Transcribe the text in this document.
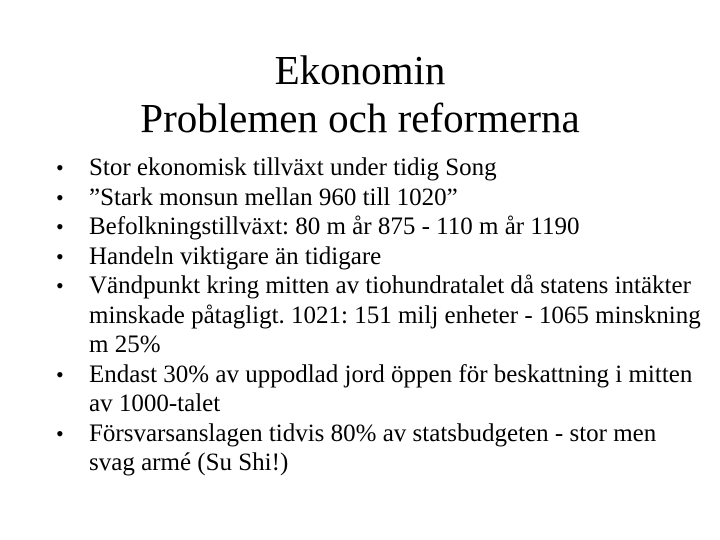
Ekonomin
Problemen och reformerna
•	Stor ekonomisk tillväxt under tidig Song
•	”Stark monsun mellan 960 till 1020”
•	Befolkningstillväxt: 80 m år 875 - 110 m år 1190
•	Handeln viktigare än tidigare
•	Vändpunkt kring mitten av tiohundratalet då statens intäkter minskade påtagligt. 1021: 151 milj enheter - 1065 minskning m 25%
•	Endast 30% av uppodlad jord öppen för beskattning i mitten av 1000-talet
•	Försvarsanslagen tidvis 80% av statsbudgeten - stor men svag armé (Su Shi!)
